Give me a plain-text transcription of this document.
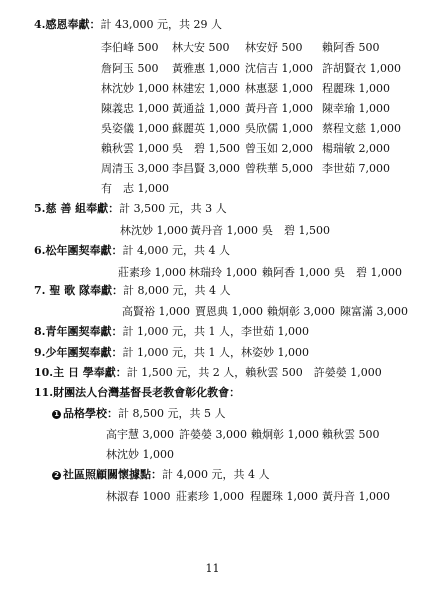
4.感恩奉獻：計 43,000 元，共 29 人
李伯峰 500 林大安 500 林安妤 500 賴阿香 500
詹阿玉 500 黃雅惠 1,000 沈信吉 1,000 許胡賢衣 1,000
林沈妙 1,000 林建宏 1,000 林惠瑟 1,000 程麗珠 1,000
陳義忠 1,000 黃通益 1,000 黃丹音 1,000 陳幸瑜 1,000
吳姿儀 1,000 蘇麗英 1,000 吳欣儒 1,000 蔡程文慈 1,000
賴秋雲 1,000 吳　碧 1,500 曾玉如 2,000 楊瑞敏 2,000
周清玉 3,000 李昌賢 3,000 曾秩華 5,000 李世茹 7,000
有　志 1,000
5.慈 善 組奉獻：計 3,500 元，共 3 人
林沈妙 1,000 黃丹音 1,000 吳　碧 1,500
6.松年團契奉獻：計 4,000 元，共 4 人
莊素珍 1,000 林瑞玲 1,000 賴阿香 1,000 吳　碧 1,000
7. 聖 歌 隊奉獻：計 8,000 元，共 4 人
高賢裕 1,000 賈恩典 1,000 賴炯彰 3,000 陳富滿 3,000
8.青年團契奉獻：計 1,000 元，共 1 人，李世茹 1,000
9.少年團契奉獻：計 1,000 元，共 1 人，林姿妙 1,000
10.主 日 學奉獻：計 1,500 元，共 2 人，賴秋雲 500　許嫈嫈 1,000
11.財團法人台灣基督長老教會彰化教會：
1 品格學校：計 8,500 元，共 5 人
高宇慧 3,000 許嫈嫈 3,000 賴炯彰 1,000 賴秋雲 500
林沈妙 1,000
2 社區照顧關懷據點：計 4,000 元，共 4 人
林淑春 1000 莊素珍 1,000 程麗珠 1,000 黃丹音 1,000
11
